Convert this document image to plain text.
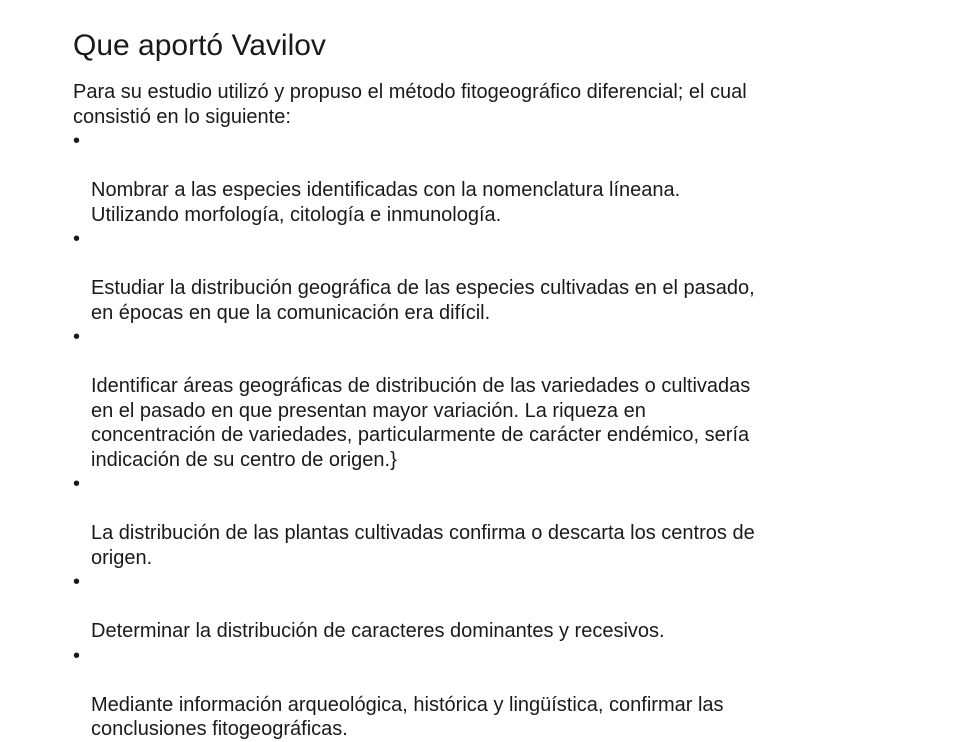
Que aportó Vavilov

Para su estudio utilizó y propuso el método fitogeográfico diferencial; el cual
consistió en lo siguiente:

•

Nombrar a las especies identificadas con la nomenclatura líneana.
Utilizando morfología, citología e inmunología.

•

Estudiar la distribución geográfica de las especies cultivadas en el pasado,
en épocas en que la comunicación era difícil.

•

Identificar áreas geográficas de distribución de las variedades o cultivadas
en el pasado en que presentan mayor variación. La riqueza en
concentración de variedades, particularmente de carácter endémico, sería
indicación de su centro de origen.}

•

La distribución de las plantas cultivadas confirma o descarta los centros de
origen.

•

Determinar la distribución de caracteres dominantes y recesivos.

•

Mediante información arqueológica, histórica y lingüística, confirmar las
conclusiones fitogeográficas.
